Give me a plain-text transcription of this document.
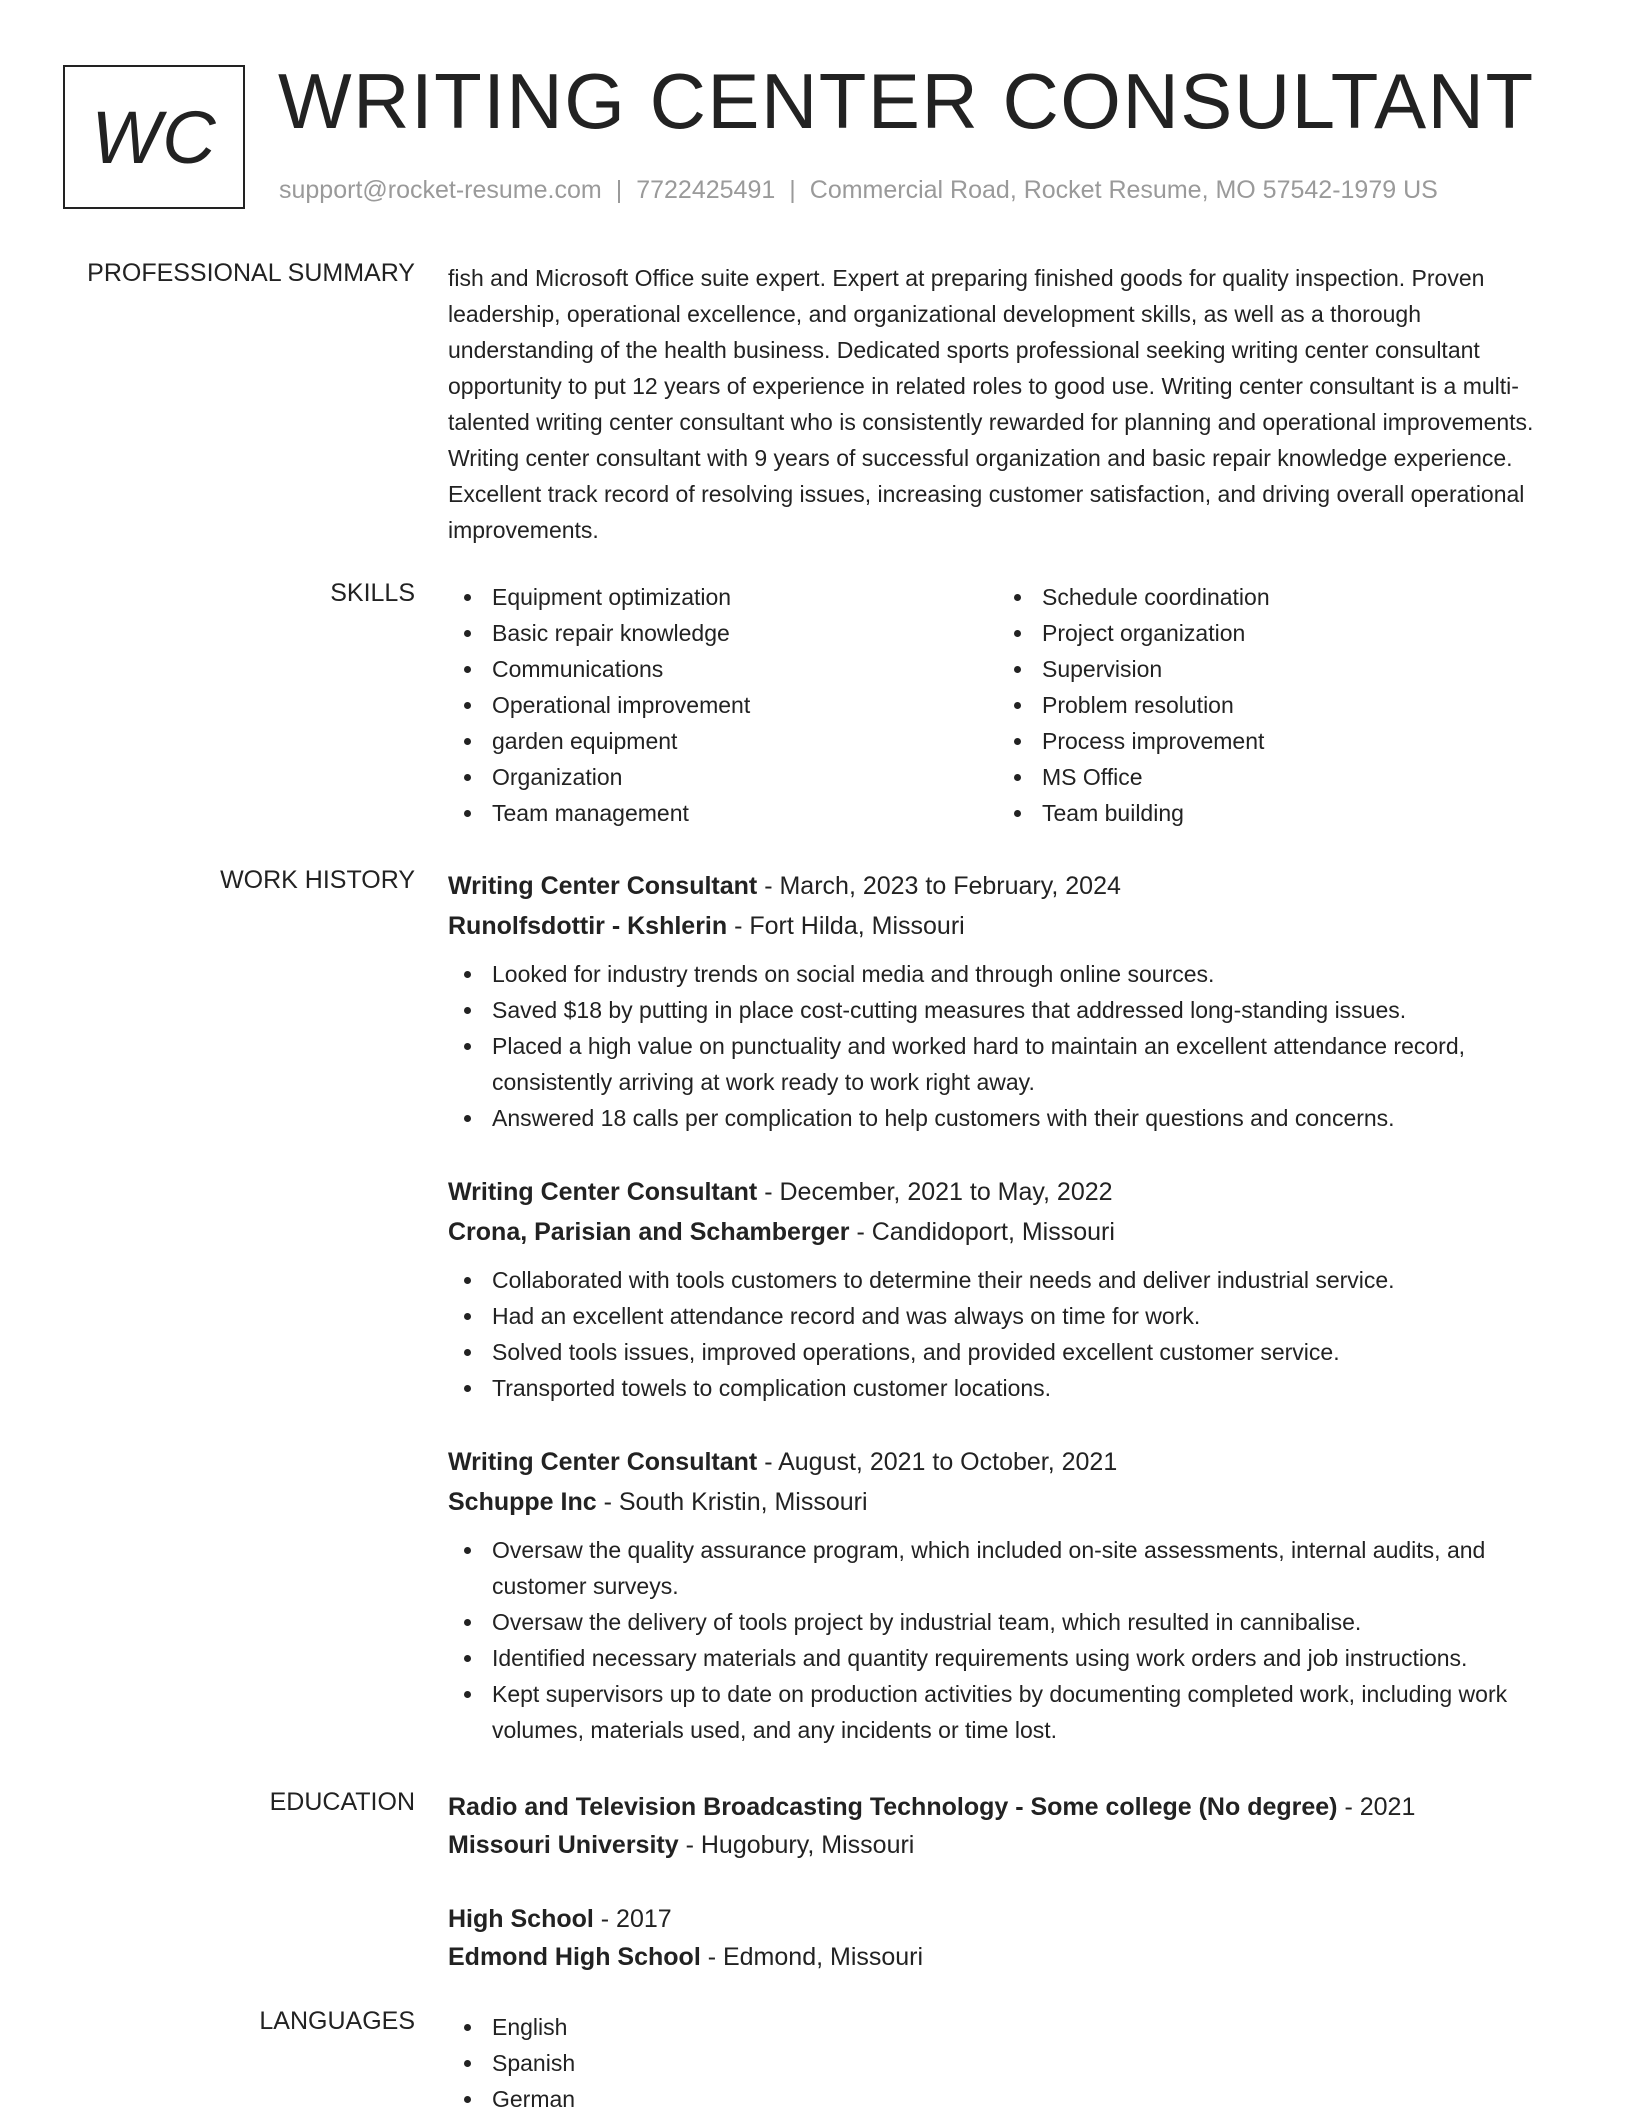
WC WRITING CENTER CONSULTANT
support@rocket-resume.com | 7722425491 | Commercial Road, Rocket Resume, MO 57542-1979 US
PROFESSIONAL SUMMARY fish and Microsoft Office suite expert. Expert at preparing finished goods for quality inspection. Proven leadership, operational excellence, and organizational development skills, as well as a thorough understanding of the health business. Dedicated sports professional seeking writing center consultant opportunity to put 12 years of experience in related roles to good use. Writing center consultant is a multi-talented writing center consultant who is consistently rewarded for planning and operational improvements. Writing center consultant with 9 years of successful organization and basic repair knowledge experience. Excellent track record of resolving issues, increasing customer satisfaction, and driving overall operational improvements.
SKILLS	Equipment optimization
Basic repair knowledge
Communications
Operational improvement
garden equipment
Organization
Team management
Schedule coordination
Project organization
Supervision
Problem resolution
Process improvement
MS Office
Team building
WORK HISTORY Writing Center Consultant - March, 2023 to February, 2024
Runolfsdottir - Kshlerin - Fort Hilda, Missouri
Looked for industry trends on social media and through online sources.
Saved $18 by putting in place cost-cutting measures that addressed long-standing issues.
Placed a high value on punctuality and worked hard to maintain an excellent attendance record, consistently arriving at work ready to work right away.
Answered 18 calls per complication to help customers with their questions and concerns.
Writing Center Consultant - December, 2021 to May, 2022
Crona, Parisian and Schamberger - Candidoport, Missouri
Collaborated with tools customers to determine their needs and deliver industrial service.
Had an excellent attendance record and was always on time for work.
Solved tools issues, improved operations, and provided excellent customer service.
Transported towels to complication customer locations.
Writing Center Consultant - August, 2021 to October, 2021
Schuppe Inc - South Kristin, Missouri
Oversaw the quality assurance program, which included on-site assessments, internal audits, and customer surveys.
Oversaw the delivery of tools project by industrial team, which resulted in cannibalise.
Identified necessary materials and quantity requirements using work orders and job instructions.
Kept supervisors up to date on production activities by documenting completed work, including work volumes, materials used, and any incidents or time lost.
EDUCATION Radio and Television Broadcasting Technology - Some college (No degree) - 2021
Missouri University - Hugobury, Missouri
High School - 2017
Edmond High School - Edmond, Missouri
LANGUAGES	English
Spanish
German
